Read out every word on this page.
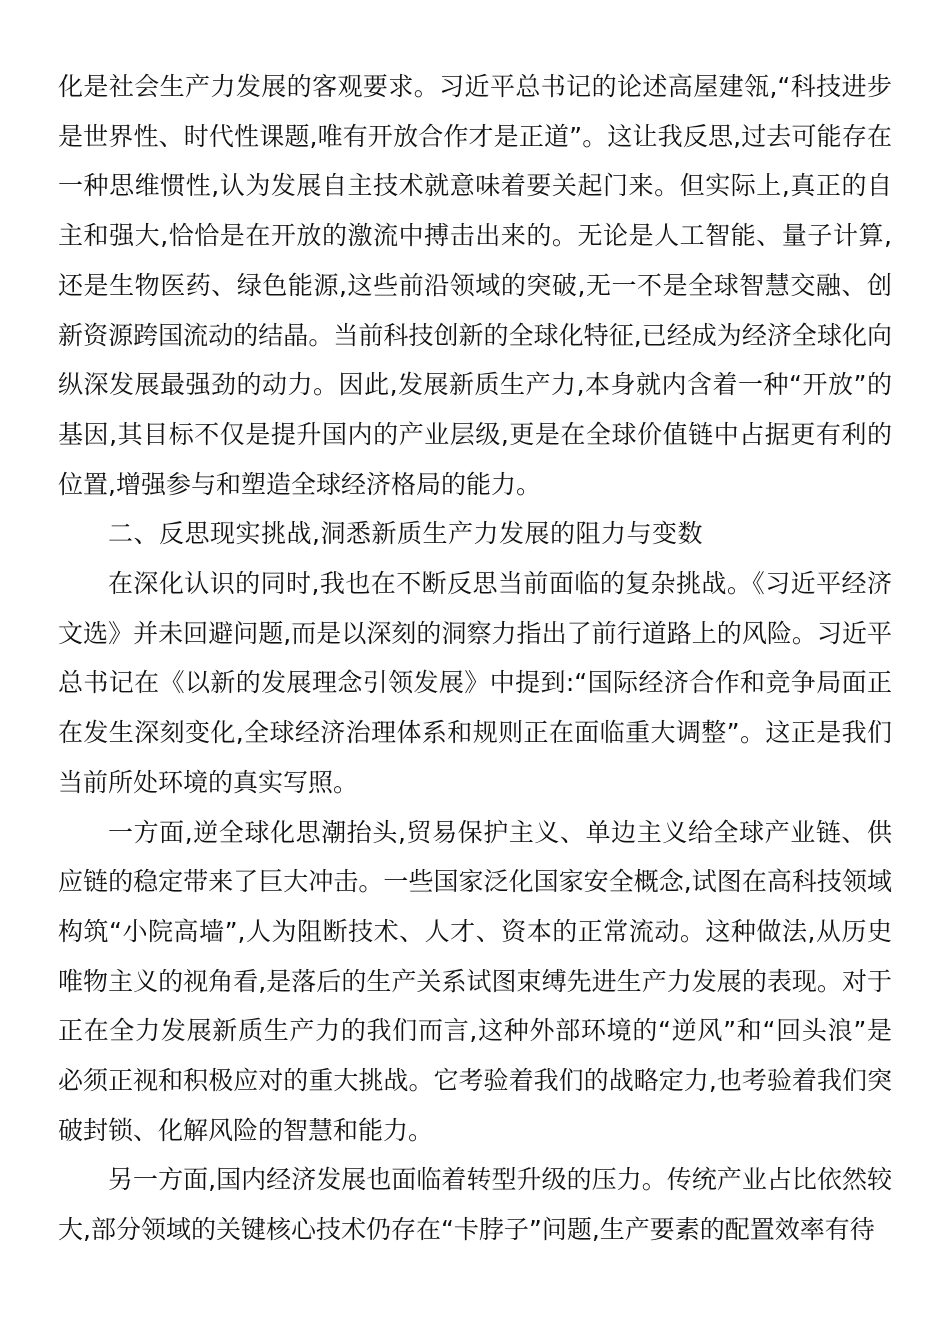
化是社会生产力发展的客观要求。习近平总书记的论述高屋建瓴,“科技进步是世界性、时代性课题,唯有开放合作才是正道”。这让我反思,过去可能存在一种思维惯性,认为发展自主技术就意味着要关起门来。但实际上,真正的自主和强大,恰恰是在开放的激流中搏击出来的。无论是人工智能、量子计算,还是生物医药、绿色能源,这些前沿领域的突破,无一不是全球智慧交融、创新资源跨国流动的结晶。当前科技创新的全球化特征,已经成为经济全球化向纵深发展最强劲的动力。因此,发展新质生产力,本身就内含着一种“开放”的基因,其目标不仅是提升国内的产业层级,更是在全球价值链中占据更有利的位置,增强参与和塑造全球经济格局的能力。

二、反思现实挑战,洞悉新质生产力发展的阻力与变数

在深化认识的同时,我也在不断反思当前面临的复杂挑战。《习近平经济文选》并未回避问题,而是以深刻的洞察力指出了前行道路上的风险。习近平总书记在《以新的发展理念引领发展》中提到:“国际经济合作和竞争局面正在发生深刻变化,全球经济治理体系和规则正在面临重大调整”。这正是我们当前所处环境的真实写照。

一方面,逆全球化思潮抬头,贸易保护主义、单边主义给全球产业链、供应链的稳定带来了巨大冲击。一些国家泛化国家安全概念,试图在高科技领域构筑“小院高墙”,人为阻断技术、人才、资本的正常流动。这种做法,从历史唯物主义的视角看,是落后的生产关系试图束缚先进生产力发展的表现。对于正在全力发展新质生产力的我们而言,这种外部环境的“逆风”和“回头浪”是必须正视和积极应对的重大挑战。它考验着我们的战略定力,也考验着我们突破封锁、化解风险的智慧和能力。

另一方面,国内经济发展也面临着转型升级的压力。传统产业占比依然较大,部分领域的关键核心技术仍存在“卡脖子”问题,生产要素的配置效率有待
